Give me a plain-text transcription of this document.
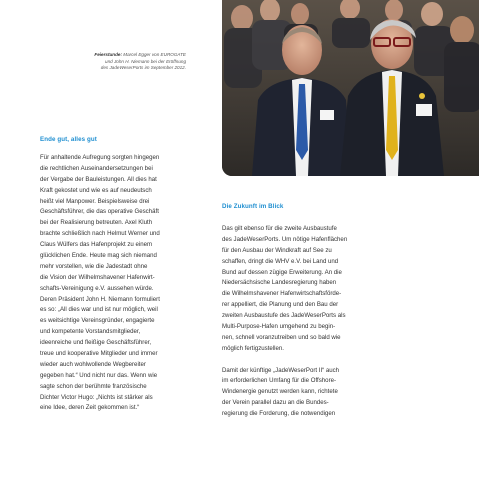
Feierstunde: Marcel Egger von EUROGATE
und John H. Niemann bei der Eröffnung
des JadeWeserPorts im September 2012.
Ende gut, alles gut
Für anhaltende Aufregung sorgten hingegen
die rechtlichen Auseinandersetzungen bei
der Vergabe der Bauleistungen. All dies hat
Kraft gekostet und wie es auf neudeutsch
heißt viel Manpower. Beispielsweise drei
Geschäftsführer, die das operative Geschäft
bei der Realisierung betreuten. Axel Kluth
brachte schließlich nach Helmut Werner und
Claus Wülfers das Hafenprojekt zu einem
glücklichen Ende. Heute mag sich niemand
mehr vorstellen, wie die Jadestadt ohne
die Vision der Wilhelmshavener Hafenwirt-
schafts-Vereinigung e.V. aussehen würde.
Deren Präsident John H. Niemann formuliert
es so: „All dies war und ist nur möglich, weil
es weitsichtige Vereinsgründer, engagierte
und kompetente Vorstandsmitglieder,
ideenreiche und fleißige Geschäftsführer,
treue und kooperative Mitglieder und immer
wieder auch wohlwollende Wegbereiter
gegeben hat.“ Und nicht nur das. Wenn wie
sagte schon der berühmte französische
Dichter Victor Hugo: „Nichts ist stärker als
eine Idee, deren Zeit gekommen ist.“
Die Zukunft im Blick
Das gilt ebenso für die zweite Ausbaustufe
des JadeWeserPorts. Um nötige Hafenflächen
für den Ausbau der Windkraft auf See zu
schaffen, dringt die WHV e.V. bei Land und
Bund auf dessen zügige Erweiterung. An die
Niedersächsische Landesregierung haben
die Wilhelmshavener Hafenwirtschaftsförde-
rer appelliert, die Planung und den Bau der
zweiten Ausbaustufe des JadeWeserPorts als
Multi-Purpose-Hafen umgehend zu begin-
nen, schnell voranzutreiben und so bald wie
möglich fertigzustellen.
Damit der künftige „JadeWeserPort II“ auch
im erforderlichen Umfang für die Offshore-
Windenergie genutzt werden kann, richtete
der Verein parallel dazu an die Bundes-
regierung die Forderung, die notwendigen
